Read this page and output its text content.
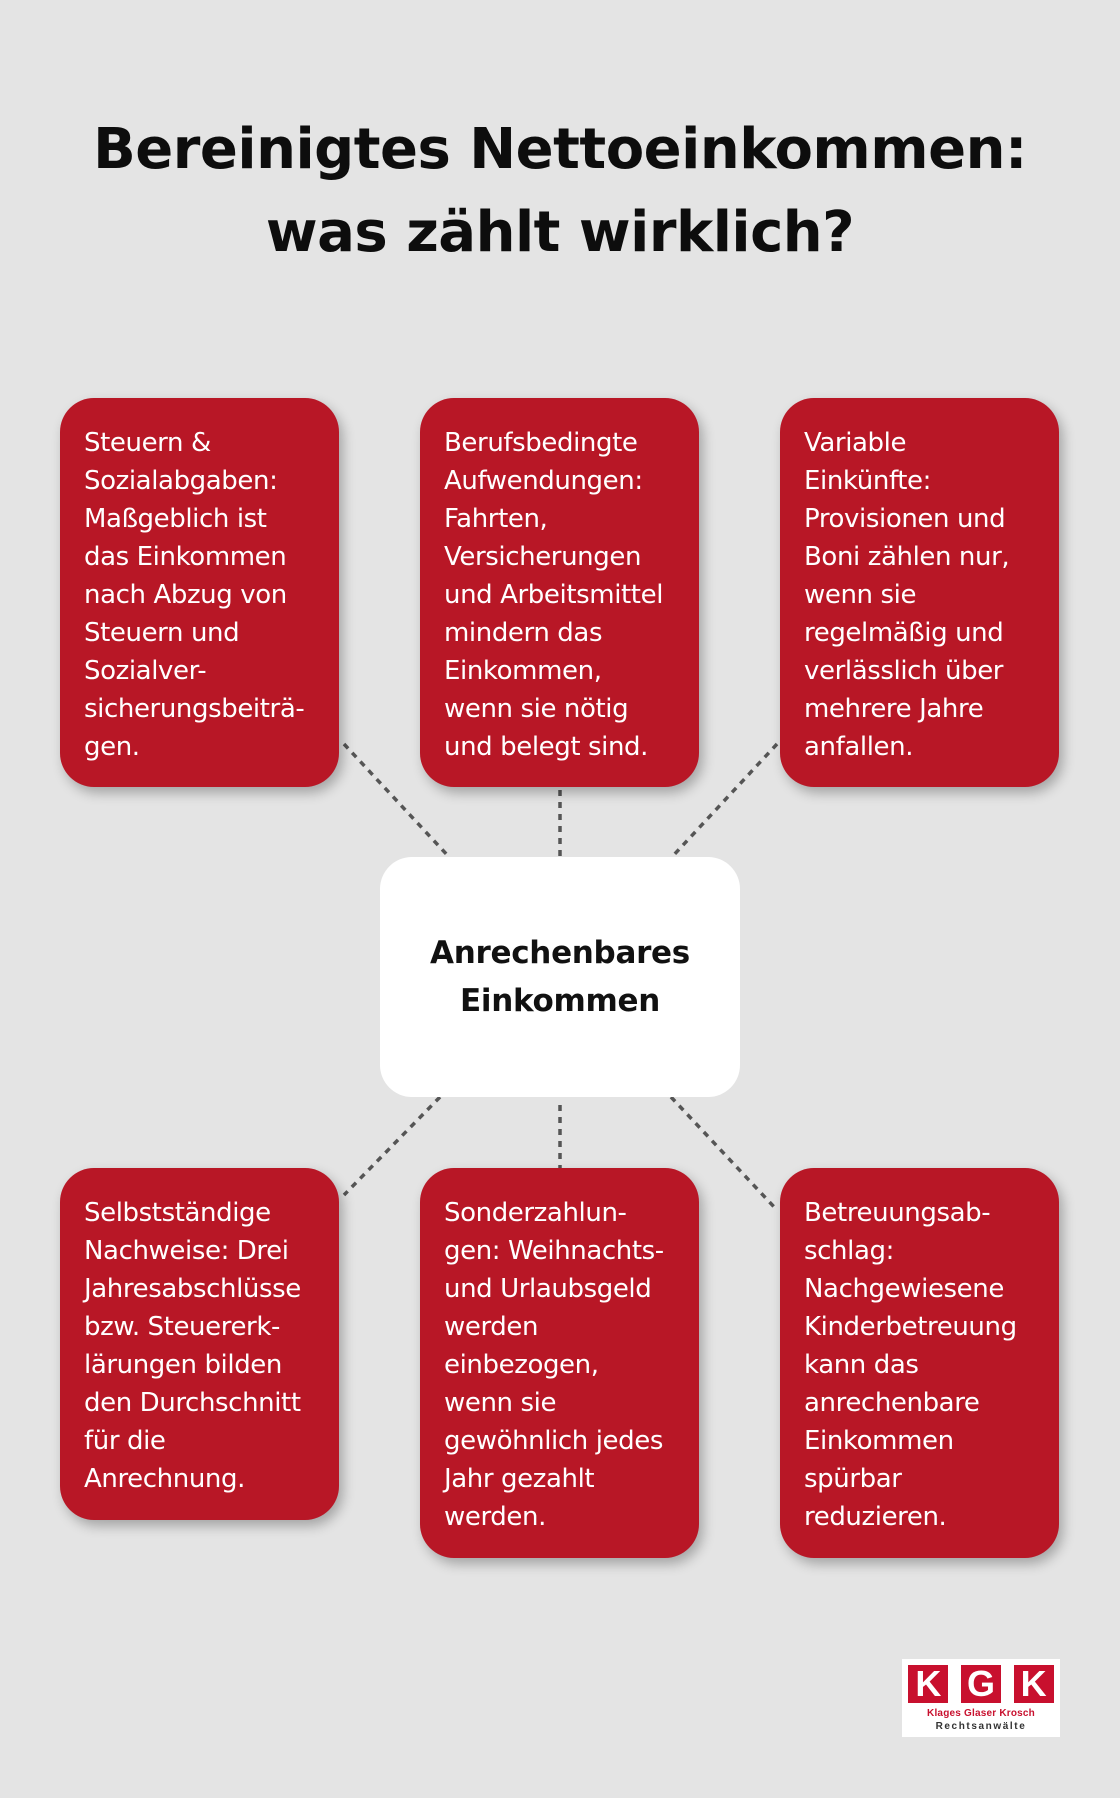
Bereinigtes Nettoeinkommen:
was zählt wirklich?
Steuern &
Sozialabgaben:
Maßgeblich ist
das Einkommen
nach Abzug von
Steuern und
Sozialver-
sicherungsbeiträ-
gen.
Berufsbedingte
Aufwendungen:
Fahrten,
Versicherungen
und Arbeitsmittel
mindern das
Einkommen,
wenn sie nötig
und belegt sind.
Variable
Einkünfte:
Provisionen und
Boni zählen nur,
wenn sie
regelmäßig und
verlässlich über
mehrere Jahre
anfallen.
Anrechenbares
Einkommen
Selbstständige
Nachweise: Drei
Jahresabschlüsse
bzw. Steuererk-
lärungen bilden
den Durchschnitt
für die
Anrechnung.
Sonderzahlun-
gen: Weihnachts-
und Urlaubsgeld
werden
einbezogen,
wenn sie
gewöhnlich jedes
Jahr gezahlt
werden.
Betreuungsab-
schlag:
Nachgewiesene
Kinderbetreuung
kann das
anrechenbare
Einkommen
spürbar
reduzieren.
K G K
Klages Glaser Krosch
Rechtsanwälte
